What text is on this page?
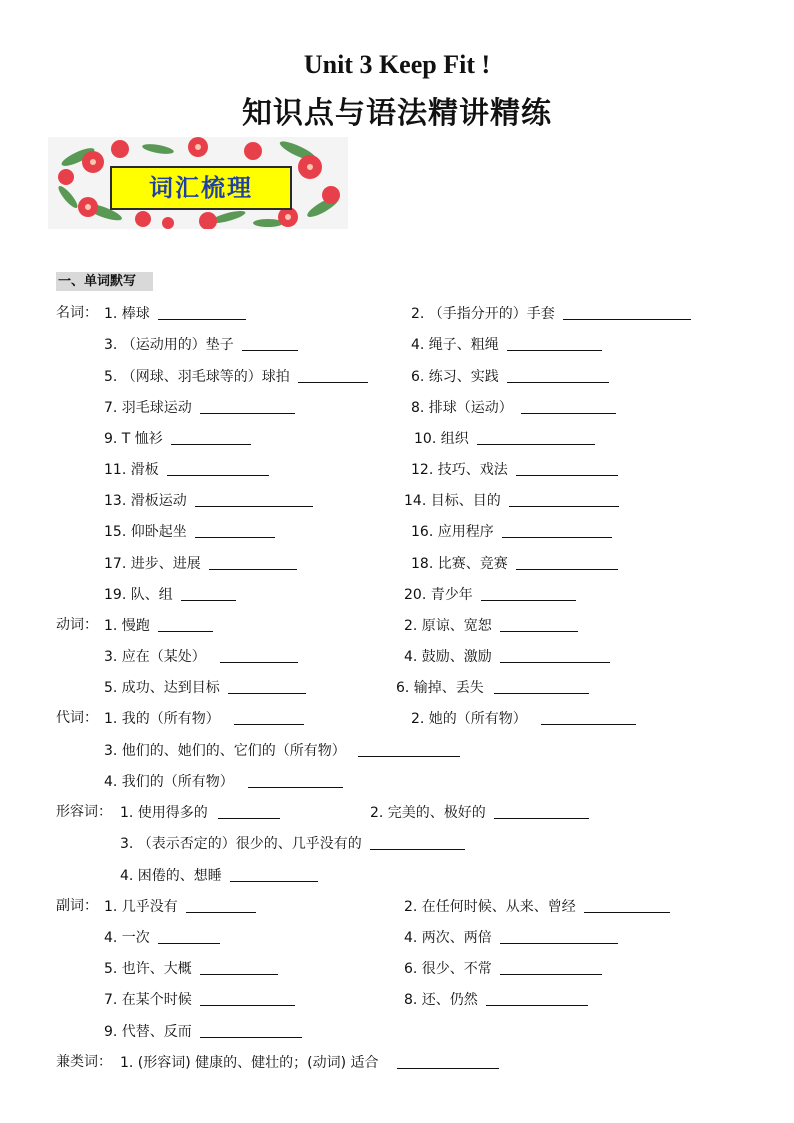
Unit 3 Keep Fit !
知识点与语法精讲精练
词汇梳理
一、单词默写
名词： 1. 棒球	2. （手指分开的）手套
3. （运动用的）垫子	4. 绳子、粗绳
5. （网球、羽毛球等的）球拍	6. 练习、实践
7. 羽毛球运动	8. 排球（运动）
9. T 恤衫	10. 组织
11. 滑板	12. 技巧、戏法
13. 滑板运动	14. 目标、目的
15. 仰卧起坐	16. 应用程序
17. 进步、进展	18. 比赛、竞赛
19. 队、组	20. 青少年
动词： 1. 慢跑	2. 原谅、宽恕
3. 应在（某处）	4. 鼓励、激励
5. 成功、达到目标	6. 输掉、丢失
代词： 1. 我的（所有物）	2. 她的（所有物）
3. 他们的、她们的、它们的（所有物）
4. 我们的（所有物）
形容词： 1. 使用得多的	2. 完美的、极好的
3. （表示否定的）很少的、几乎没有的
4. 困倦的、想睡
副词： 1. 几乎没有	2. 在任何时候、从来、曾经
4. 一次	4. 两次、两倍
5. 也许、大概	6. 很少、不常
7. 在某个时候	8. 还、仍然
9. 代替、反而
兼类词： 1. (形容词) 健康的、健壮的；(动词) 适合
